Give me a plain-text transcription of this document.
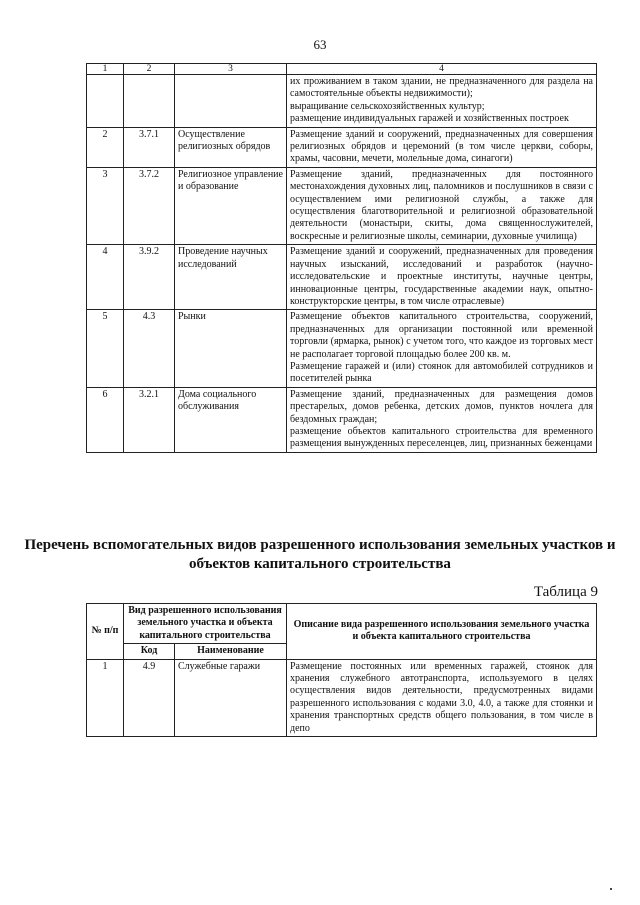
63
1	2	3	4

			их проживанием в таком здании, не предназначенного для раздела на самостоятельные объекты недвижимости);
выращивание сельскохозяйственных культур;
размещение индивидуальных гаражей и хозяйственных построек

2	3.7.1	Осуществление религиозных обрядов	Размещение зданий и сооружений, предназначенных для совершения религиозных обрядов и церемоний (в том числе церкви, соборы, храмы, часовни, мечети, молельные дома, синагоги)

3	3.7.2	Религиозное управление и образование	Размещение зданий, предназначенных для постоянного местонахождения духовных лиц, паломников и послушников в связи с осуществлением ими религиозной службы, а также для осуществления благотворительной и религиозной образовательной деятельности (монастыри, скиты, дома священнослужителей, воскресные и религиозные школы, семинарии, духовные училища)

4	3.9.2	Проведение научных исследований	Размещение зданий и сооружений, предназначенных для проведения научных изысканий, исследований и разработок (научно-исследовательские и проектные институты, научные центры, инновационные центры, государственные академии наук, опытно-конструкторские центры, в том числе отраслевые)

5	4.3	Рынки	Размещение объектов капитального строительства, сооружений, предназначенных для организации постоянной или временной торговли (ярмарка, рынок) с учетом того, что каждое из торговых мест не располагает торговой площадью более 200 кв. м.
Размещение гаражей и (или) стоянок для автомобилей сотрудников и посетителей рынка

6	3.2.1	Дома социального обслуживания	Размещение зданий, предназначенных для размещения домов престарелых, домов ребенка, детских домов, пунктов ночлега для бездомных граждан;
размещение объектов капитального строительства для временного размещения вынужденных переселенцев, лиц, признанных беженцами
Перечень вспомогательных видов разрешенного использования земельных участков и объектов капитального строительства
Таблица 9
№ п/п	Вид разрешенного использования земельного участка и объекта капитального строительства		Описание вида разрешенного использования земельного участка и объекта капитального строительства
	Код	Наименование	
1	4.9	Служебные гаражи	Размещение постоянных или временных гаражей, стоянок для хранения служебного автотранспорта, используемого в целях осуществления видов деятельности, предусмотренных видами разрешенного использования с кодами 3.0, 4.0, а также для стоянки и хранения транспортных средств общего пользования, в том числе в депо
